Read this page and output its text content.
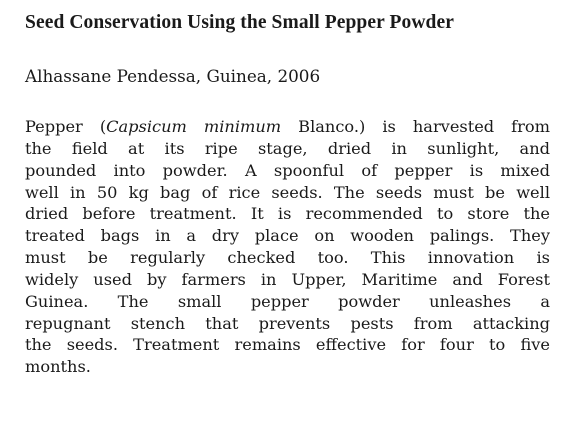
Seed Conservation Using the Small Pepper Powder

Alhassane Pendessa, Guinea, 2006

Pepper (Capsicum minimum Blanco.) is harvested from
the field at its ripe stage, dried in sunlight, and
pounded into powder. A spoonful of pepper is mixed
well in 50 kg bag of rice seeds. The seeds must be well
dried before treatment. It is recommended to store the
treated bags in a dry place on wooden palings. They
must be regularly checked too. This innovation is
widely used by farmers in Upper, Maritime and Forest
Guinea. The small pepper powder unleashes a
repugnant stench that prevents pests from attacking
the seeds. Treatment remains effective for four to five
months.
